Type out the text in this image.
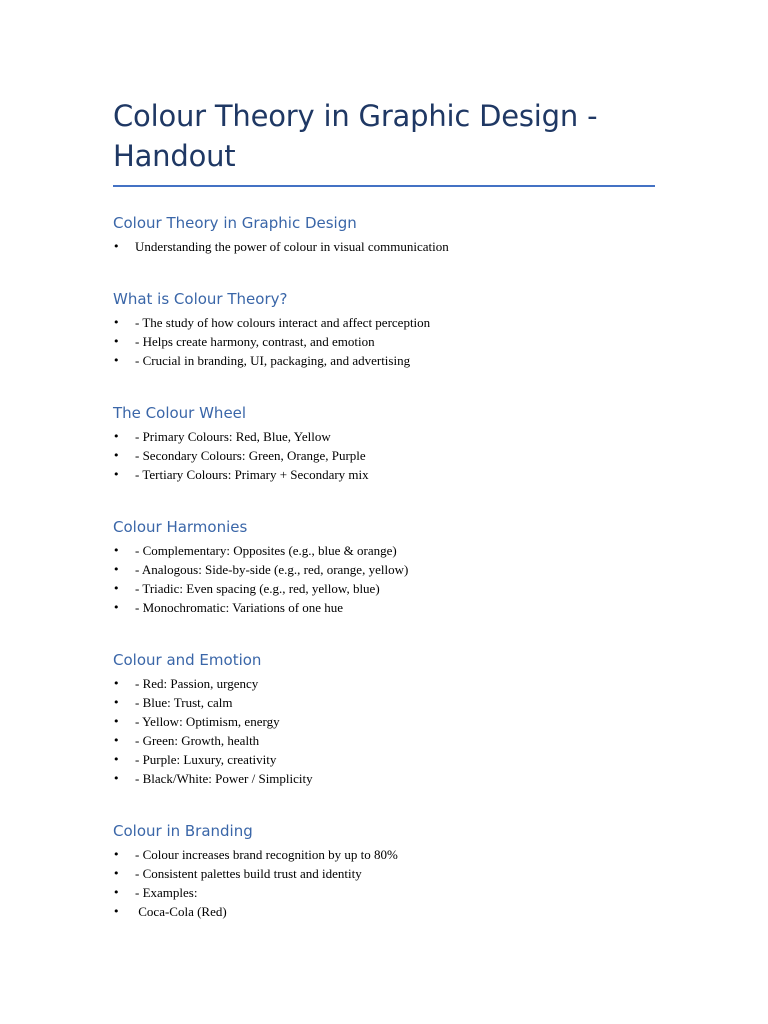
Colour Theory in Graphic Design -
Handout
Colour Theory in Graphic Design
• Understanding the power of colour in visual communication
What is Colour Theory?
• - The study of how colours interact and affect perception
• - Helps create harmony, contrast, and emotion
• - Crucial in branding, UI, packaging, and advertising
The Colour Wheel
• - Primary Colours: Red, Blue, Yellow
• - Secondary Colours: Green, Orange, Purple
• - Tertiary Colours: Primary + Secondary mix
Colour Harmonies
• - Complementary: Opposites (e.g., blue & orange)
• - Analogous: Side-by-side (e.g., red, orange, yellow)
• - Triadic: Even spacing (e.g., red, yellow, blue)
• - Monochromatic: Variations of one hue
Colour and Emotion
• - Red: Passion, urgency
• - Blue: Trust, calm
• - Yellow: Optimism, energy
• - Green: Growth, health
• - Purple: Luxury, creativity
• - Black/White: Power / Simplicity
Colour in Branding
• - Colour increases brand recognition by up to 80%
• - Consistent palettes build trust and identity
• - Examples:
• Coca-Cola (Red)
